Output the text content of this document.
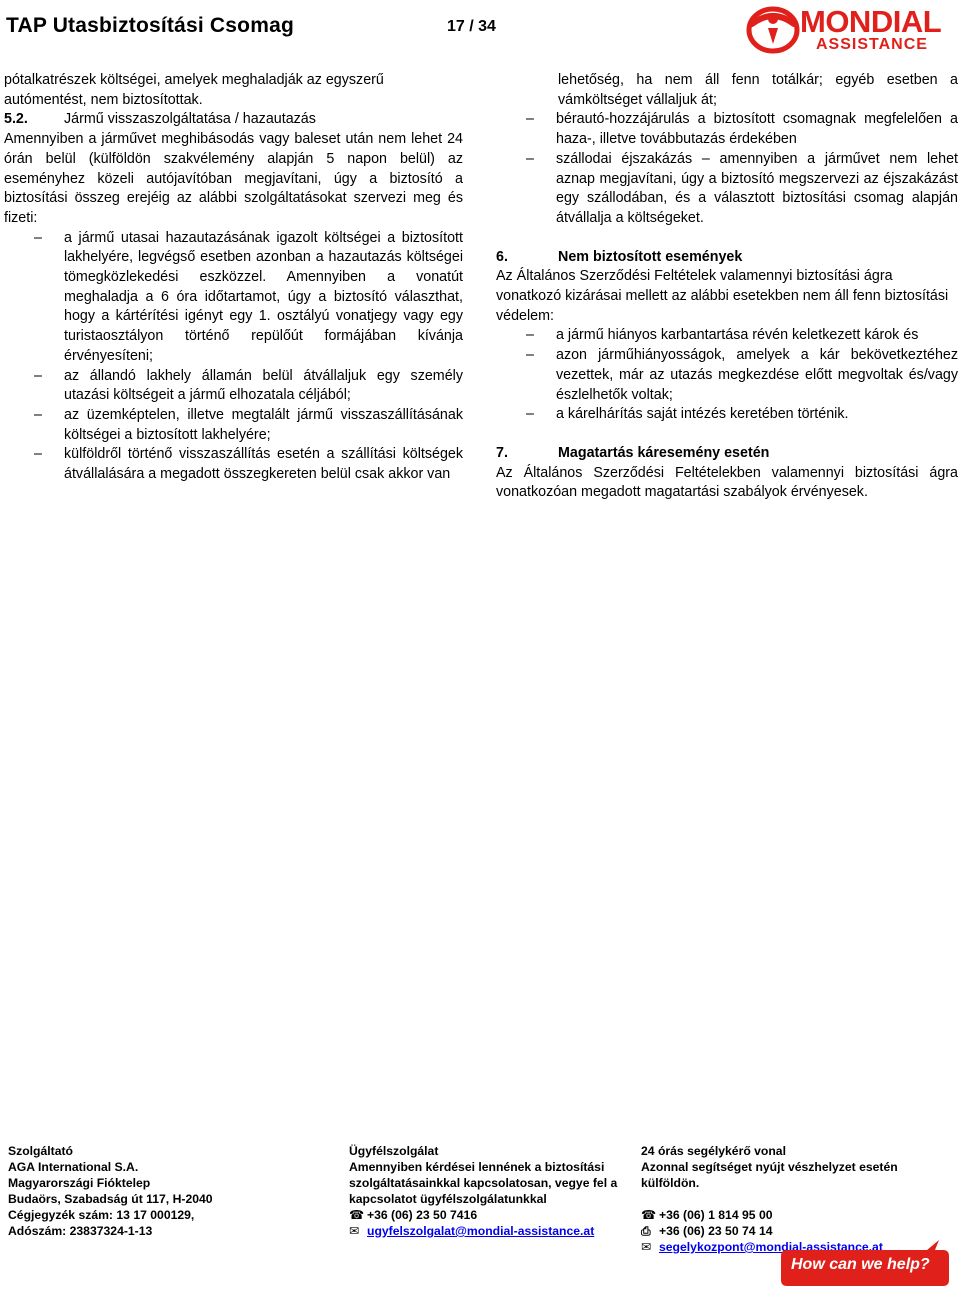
TAP Utasbiztosítási Csomag	17 / 34	MONDIAL
ASSISTANCE

pótalkatrészek költségei, amelyek meghaladják az egyszerű autómentést, nem biztosítottak.

5.2.	Jármű visszaszolgáltatása / hazautazás

Amennyiben a járművet meghibásodás vagy baleset után nem lehet 24 órán belül (külföldön szakvélemény alapján 5 napon belül) az eseményhez közeli autójavítóban megjavítani, úgy a biztosító a biztosítási összeg erejéig az alábbi szolgáltatásokat szervezi meg és fizeti:

– a jármű utasai hazautazásának igazolt költségei a biztosított lakhelyére, legvégső esetben azonban a hazautazás költségei tömegközlekedési eszközzel. Amennyiben a vonatút meghaladja a 6 óra időtartamot, úgy a biztosító választhat, hogy a kártérítési igényt egy 1. osztályú vonatjegy vagy egy turistaosztályon történő repülőút formájában kívánja érvényesíteni;
– az állandó lakhely államán belül átvállaljuk egy személy utazási költségeit a jármű elhozatala céljából;
– az üzemképtelen, illetve megtalált jármű visszaszállításának költségei a biztosított lakhelyére;
– külföldről történő visszaszállítás esetén a szállítási költségek átvállalására a megadott összegkereten belül csak akkor van
lehetőség, ha nem áll fenn totálkár; egyéb esetben a vámköltséget vállaljuk át;
– bérautó-hozzájárulás a biztosított csomagnak megfelelően a haza-, illetve továbbutazás érdekében
– szállodai éjszakázás – amennyiben a járművet nem lehet aznap megjavítani, úgy a biztosító megszervezi az éjszakázást egy szállodában, és a választott biztosítási csomag alapján átvállalja a költségeket.

6.	Nem biztosított események

Az Általános Szerződési Feltételek valamennyi biztosítási ágra vonatkozó kizárásai mellett az alábbi esetekben nem áll fenn biztosítási védelem:

– a jármű hiányos karbantartása révén keletkezett károk és
– azon járműhiányosságok, amelyek a kár bekövetkeztéhez vezettek, már az utazás megkezdése előtt megvoltak és/vagy észlelhetők voltak;
– a kárelhárítás saját intézés keretében történik.

7.	Magatartás káresemény esetén

Az Általános Szerződési Feltételekben valamennyi biztosítási ágra vonatkozóan megadott magatartási szabályok érvényesek.

Szolgáltató
AGA International S.A.
Magyarországi Fióktelep
Budaörs, Szabadság út 117, H-2040
Cégjegyzék szám: 13 17 000129,
Adószám: 23837324-1-13
Ügyfélszolgálat
Amennyiben kérdései lennének a biztosítási
szolgáltatásainkkal kapcsolatosan, vegye fel a
kapcsolatot ügyfélszolgálatunkkal
☎ +36 (06) 23 50 7416
✉ ugyfelszolgalat@mondial-assistance.at
24 órás segélykérő vonal
Azonnal segítséget nyújt vészhelyzet esetén
külföldön.

☎ +36 (06) 1 814 95 00
⎙ +36 (06) 23 50 74 14
✉ segelykozpont@mondial-assistance.at
How can we help?
